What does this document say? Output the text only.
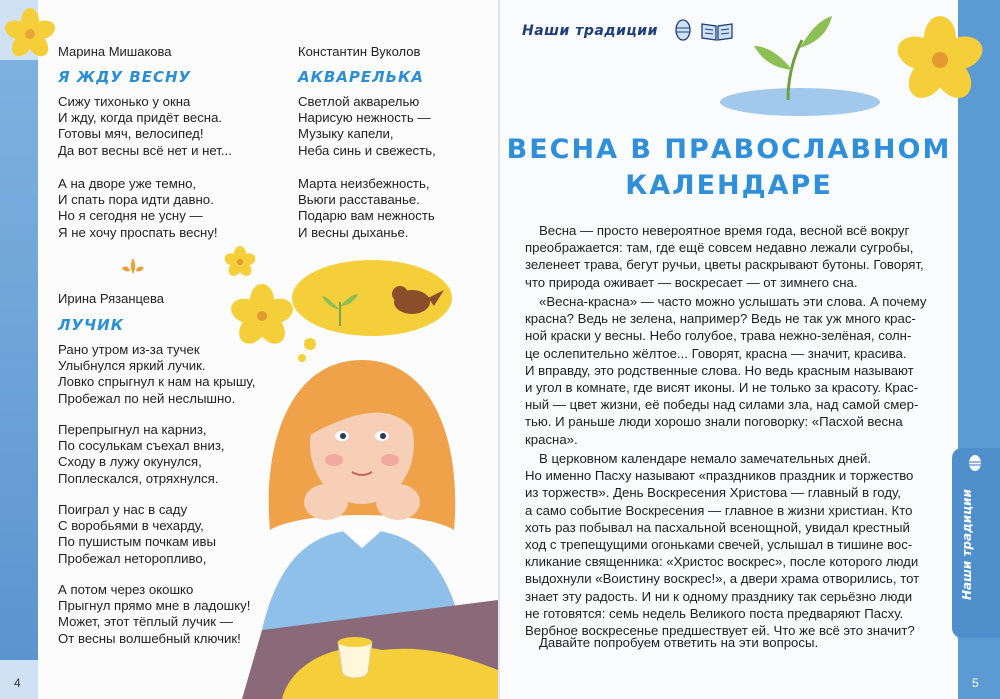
Марина Мишакова
Я ЖДУ ВЕСНУ
Сижу тихонько у окна
И жду, когда придёт весна.
Готовы мяч, велосипед!
Да вот весны всё нет и нет...
А на дворе уже темно,
И спать пора идти давно.
Но я сегодня не усну —
Я не хочу проспать весну!
Константин Вуколов
АКВАРЕЛЬКА
Светлой акварелью
Нарисую нежность —
Музыку капели,
Неба синь и свежесть,
Марта неизбежность,
Вьюги расставанье.
Подарю вам нежность
И весны дыханье.
Ирина Рязанцева
ЛУЧИК
Рано утром из-за тучек
Улыбнулся яркий лучик.
Ловко спрыгнул к нам на крышу,
Пробежал по ней неслышно.
Перепрыгнул на карниз,
По сосулькам съехал вниз,
Сходу в лужу окунулся,
Поплескался, отряхнулся.
Поиграл у нас в саду
С воробьями в чехарду,
По пушистым почкам ивы
Пробежал неторопливо,
А потом через окошко
Прыгнул прямо мне в ладошку!
Может, этот тёплый лучик —
От весны волшебный ключик!
4
Наши традиции
Наши традиции
ВЕСНА В ПРАВОСЛАВНОМ
КАЛЕНДАРЕ
Весна — просто невероятное время года, весной всё вокруг
преображается: там, где ещё совсем недавно лежали сугробы,
зеленеет трава, бегут ручьи, цветы раскрывают бутоны. Говорят,
что природа оживает — воскресает — от зимнего сна.
«Весна-красна» — часто можно услышать эти слова. А почему
красна? Ведь не зелена, например? Ведь не так уж много крас-
ной краски у весны. Небо голубое, трава нежно-зелёная, солн-
це ослепительно жёлтое... Говорят, красна — значит, красива.
И вправду, это родственные слова. Но ведь красным называют
и угол в комнате, где висят иконы. И не только за красоту. Крас-
ный — цвет жизни, её победы над силами зла, над самой смер-
тью. И раньше люди хорошо знали поговорку: «Пасхой весна
красна».
В церковном календаре немало замечательных дней.
Но именно Пасху называют «праздников праздник и торжество
из торжеств». День Воскресения Христова — главный в году,
а само событие Воскресения — главное в жизни христиан. Кто
хоть раз побывал на пасхальной всенощной, увидал крестный
ход с трепещущими огоньками свечей, услышал в тишине вос-
кликание священника: «Христос воскрес», после которого люди
выдохнули «Воистину воскрес!», а двери храма отворились, тот
знает эту радость. И ни к одному празднику так серьёзно люди
не готовятся: семь недель Великого поста предваряют Пасху.
Вербное воскресенье предшествует ей. Что же всё это значит?
Давайте попробуем ответить на эти вопросы.
5
